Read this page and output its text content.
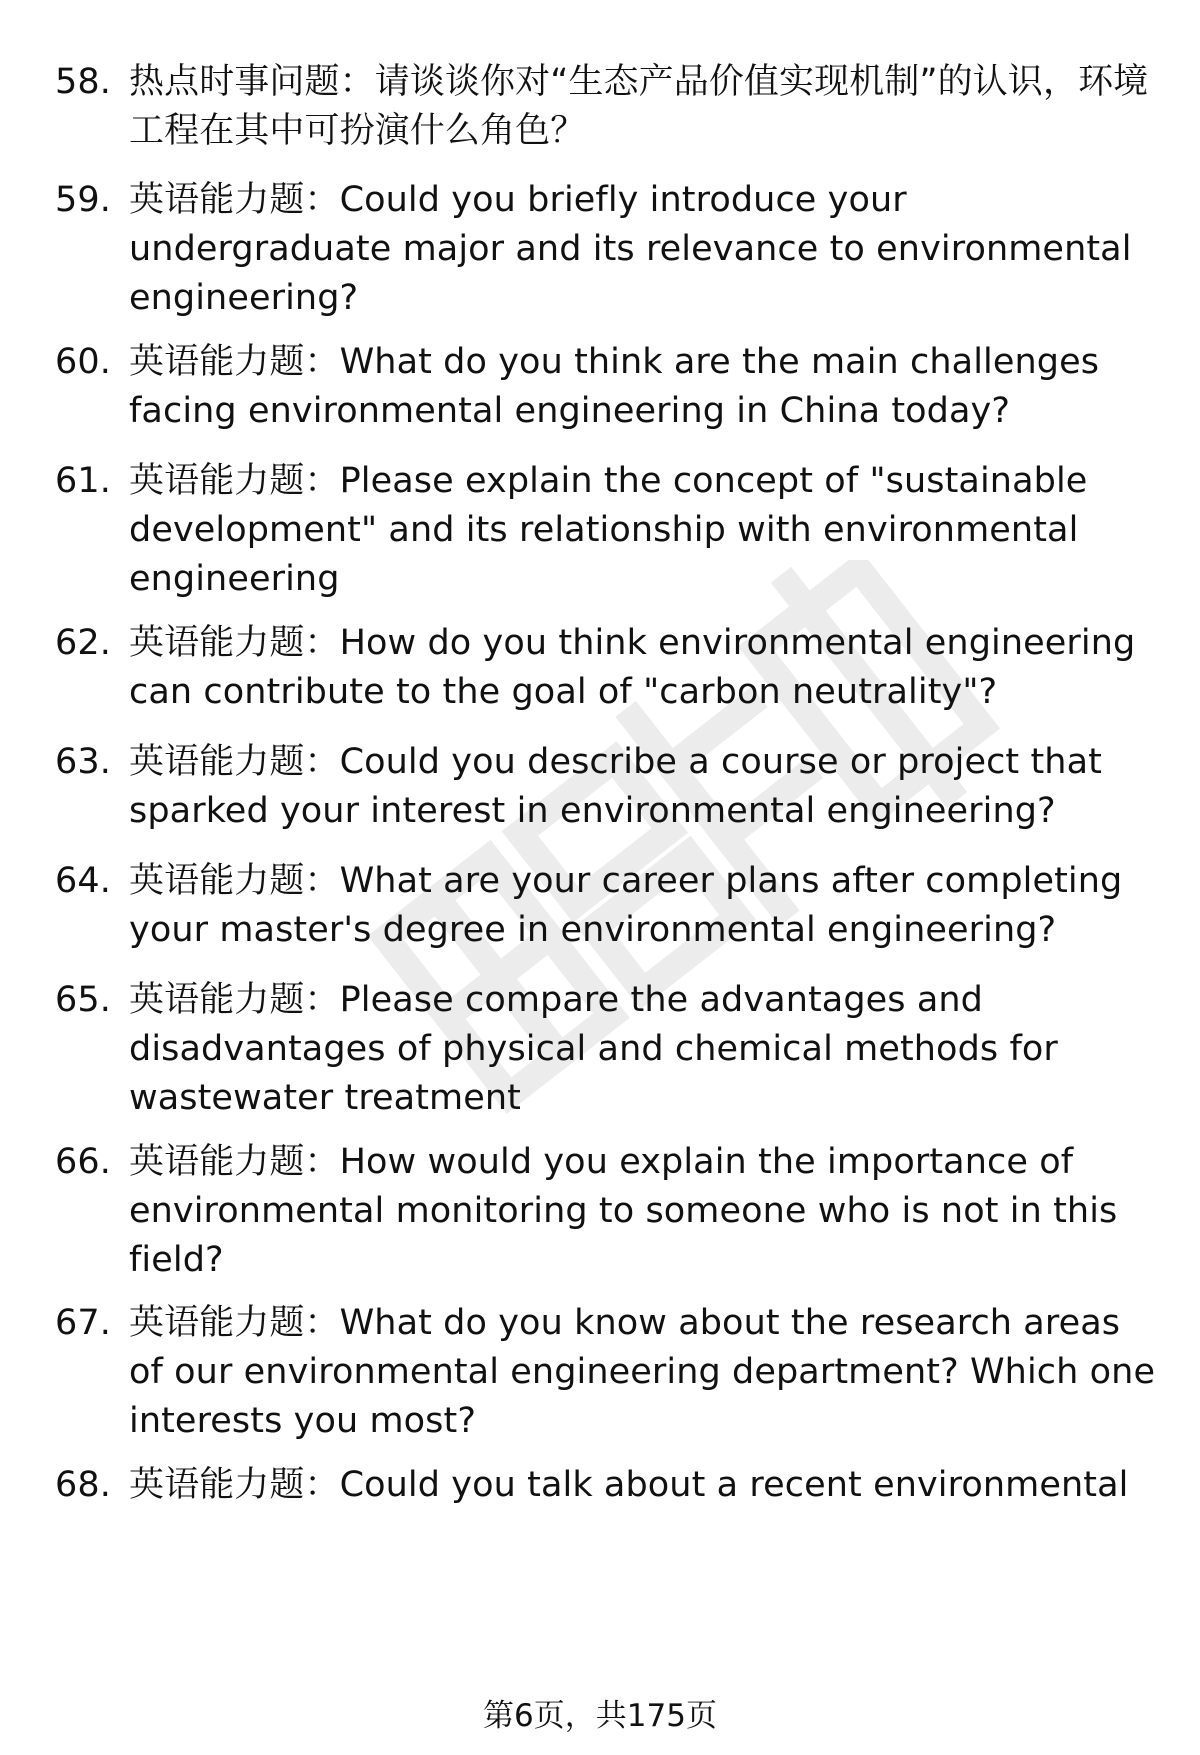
58. 热点时事问题：请谈谈你对“生态产品价值实现机制”的认识，环境工程在其中可扮演什么角色？
59. 英语能力题：Could you briefly introduce your undergraduate major and its relevance to environmental engineering?
60. 英语能力题：What do you think are the main challenges facing environmental engineering in China today?
61. 英语能力题：Please explain the concept of "sustainable development" and its relationship with environmental engineering
62. 英语能力题：How do you think environmental engineering can contribute to the goal of "carbon neutrality"?
63. 英语能力题：Could you describe a course or project that sparked your interest in environmental engineering?
64. 英语能力题：What are your career plans after completing your master's degree in environmental engineering?
65. 英语能力题：Please compare the advantages and disadvantages of physical and chemical methods for wastewater treatment
66. 英语能力题：How would you explain the importance of environmental monitoring to someone who is not in this field?
67. 英语能力题：What do you know about the research areas of our environmental engineering department? Which one interests you most?
68. 英语能力题：Could you talk about a recent environmental
第6页，共175页
